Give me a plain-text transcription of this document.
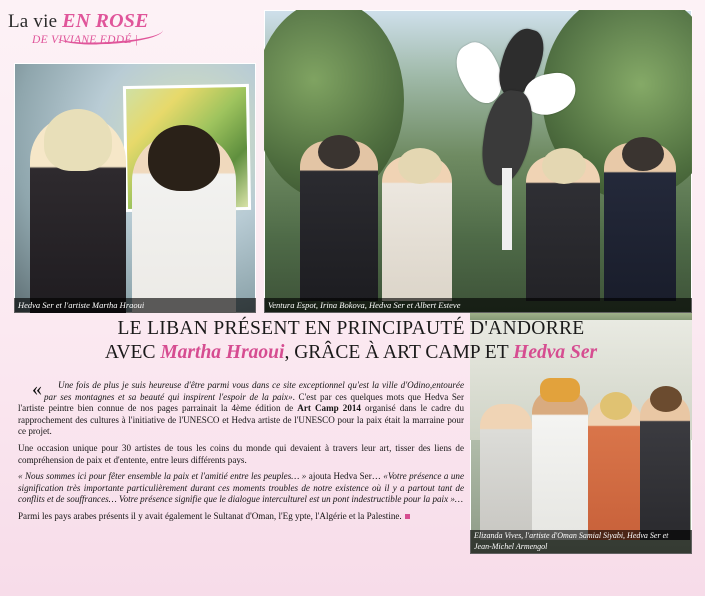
La vie EN ROSE
DE VIVIANE EDDÉ |
Hedva Ser et l'artiste Martha Hraoui	Ventura Espot, Irina Bokova, Hedva Ser et Albert Esteve
Elizanda Vives, l'artiste d'Oman Samial Siyabi, Hedva Ser et Jean-Michel Armengol
LE LIBAN PRÉSENT EN PRINCIPAUTÉ D'ANDORRE
AVEC Martha Hraoui, GRÂCE À ART CAMP ET Hedva Ser

Une fois de plus je suis heureuse d'être parmi vous dans ce site exceptionnel qu'est la ville d'Odino,
«	entourée par ses montagnes et sa beauté qui inspirent l'espoir de la paix». C'est par ces quelques mots que Hedva Ser l'artiste peintre bien connue de nos pages parrainait la 4ème édition de Art Camp 2014 organisé dans le cadre du rapprochement des cultures à l'initiative de l'UNESCO et Hedva artiste de l'UNESCO pour la paix était la marraine pour ce projet.

Une occasion unique pour 30 artistes de tous les coins du monde qui devaient à travers leur art, tisser des liens de compréhension de paix et d'entente, entre leurs différents pays.

« Nous sommes ici pour fêter ensemble la paix et l'amitié entre les peuples… » ajouta Hedva Ser… «Votre présence a une signification très importante particulièrement durant ces moments troubles de notre existence où il y a partout tant de conflits et de souffrances… Votre présence signifie que le dialogue interculturel est un pont indestructible pour la paix »…

Parmi les pays arabes présents il y avait également le Sultanat d'Oman, l'Eg ypte, l'Algérie et la Palestine.
